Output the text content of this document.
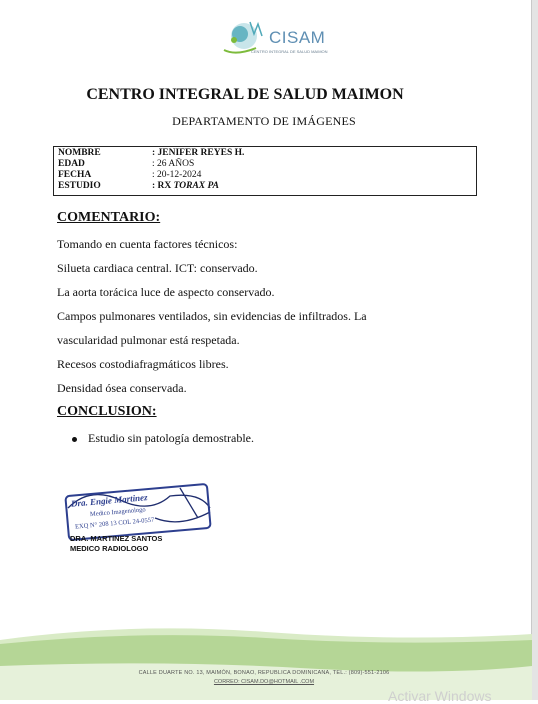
CISAM
CENTRO INTEGRAL DE SALUD MAIMON
CENTRO INTEGRAL DE SALUD MAIMON
DEPARTAMENTO DE IMÁGENES
NOMBRE	: JENIFER REYES H.
EDAD	: 26 AÑOS
FECHA	: 20-12-2024
ESTUDIO	: RX TORAX PA
COMENTARIO:
Tomando en cuenta factores técnicos:
Silueta cardiaca central. ICT: conservado.
La aorta torácica luce de aspecto conservado.
Campos pulmonares ventilados, sin evidencias de infiltrados. La
vascularidad pulmonar está respetada.
Recesos costodiafragmáticos libres.
Densidad ósea conservada.
CONCLUSION:
Estudio sin patología demostrable.
Dra. Engie Martinez
Medico Imagenologo
EXQ N° 208 13 COL 24-0557
DRA. MARTINEZ SANTOS
MEDICO RADIOLOGO
CALLE DUARTE NO. 13, MAIMÓN, BONAO, REPUBLICA DOMINICANA, TEL.: (809)-551-2106
CORREO: CISAM.DO@HOTMAIL .COM
Activar Windows
